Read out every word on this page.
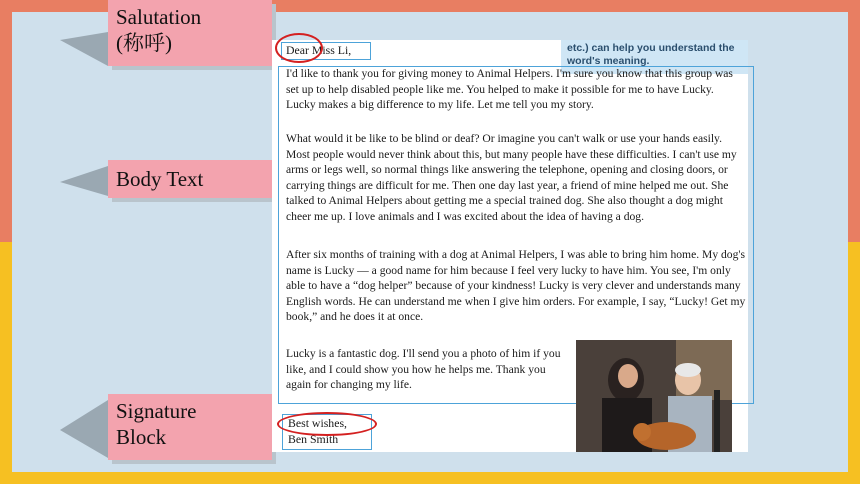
Salutation
(称呼)
Body Text
Signature
Block
etc.) can help you understand the word's meaning.
Dear Miss Li,
I'd like to thank you for giving money to Animal Helpers. I'm sure you know that this group was set up to help disabled people like me. You helped to make it possible for me to have Lucky. Lucky makes a big difference to my life. Let me tell you my story.
What would it be like to be blind or deaf? Or imagine you can't walk or use your hands easily. Most people would never think about this, but many people have these difficulties. I can't use my arms or legs well, so normal things like answering the telephone, opening and closing doors, or carrying things are difficult for me. Then one day last year, a friend of mine helped me out. She talked to Animal Helpers about getting me a special trained dog. She also thought a dog might cheer me up. I love animals and I was excited about the idea of having a dog.
After six months of training with a dog at Animal Helpers, I was able to bring him home. My dog's name is Lucky — a good name for him because I feel very lucky to have him. You see, I'm only able to have a “dog helper” because of your kindness! Lucky is very clever and understands many English words. He can understand me when I give him orders. For example, I say, “Lucky! Get my book,” and he does it at once.
Lucky is a fantastic dog. I'll send you a photo of him if you like, and I could show you how he helps me. Thank you again for changing my life.
Best wishes,
Ben Smith
